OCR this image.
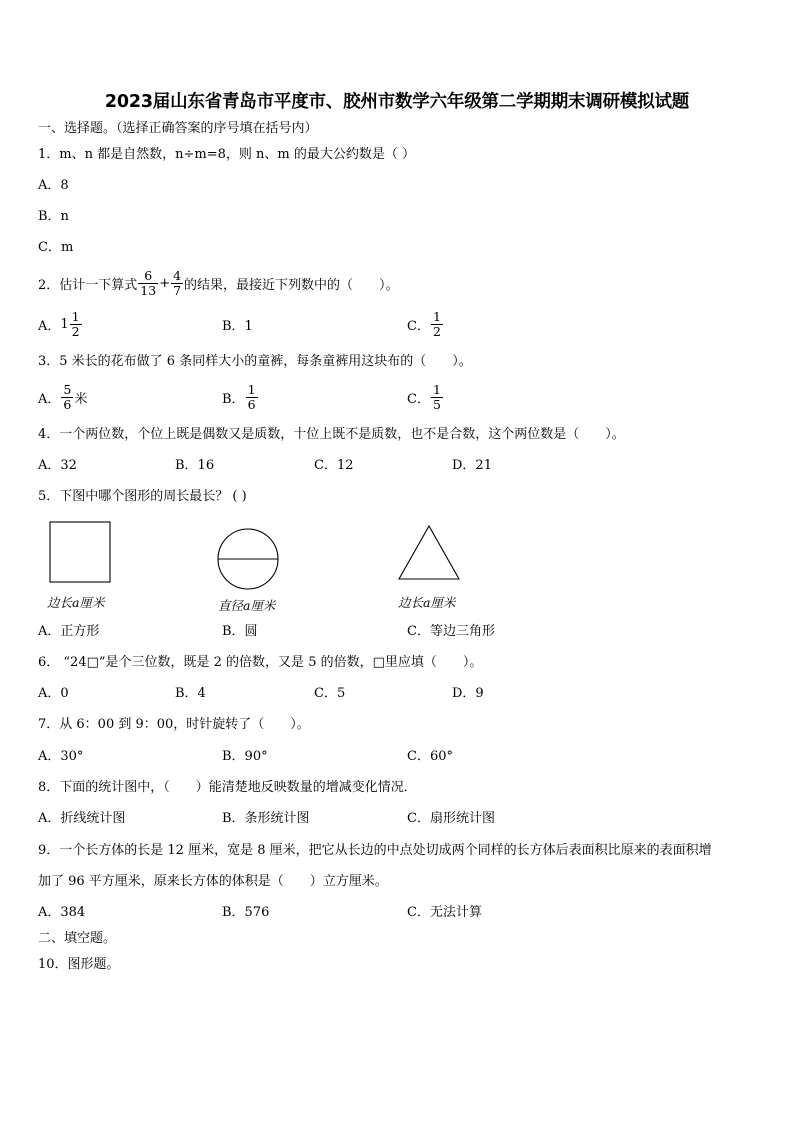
2023届山东省青岛市平度市、胶州市数学六年级第二学期期末调研模拟试题
一、选择题。（选择正确答案的序号填在括号内）
1．m、n 都是自然数，n÷m=8，则 n、m 的最大公约数是（ ）
A．8
B．n
C．m
2．估计一下算式 $\frac{6}{13} + \frac{4}{7}$ 的结果，最接近下列数中的（　　）。
A． $1 \frac{1}{2}$	B．1	C． $\frac{1}{2}$
3．5 米长的花布做了 6 条同样大小的童裤，每条童裤用这块布的（　　）。
A． $\frac{5}{6}$ 米	B． $\frac{1}{6}$	C． $\frac{1}{5}$
4．一个两位数，个位上既是偶数又是质数，十位上既不是质数，也不是合数，这个两位数是（　　）。
A．32	B．16	C．12	D．21
5．下图中哪个图形的周长最长？ ( )
边长a厘米	直径a厘米	边长a厘米
A．正方形	B．圆	C．等边三角形
6． “24□”是个三位数，既是 2 的倍数，又是 5 的倍数，□里应填（　　）。
A．0	B．4	C．5	D．9
7．从 6：00 到 9：00，时针旋转了（　　）。
A．30°	B．90°	C．60°
8．下面的统计图中，（　　）能清楚地反映数量的增减变化情况．
A．折线统计图	B．条形统计图	C．扇形统计图
9．一个长方体的长是 12 厘米，宽是 8 厘米，把它从长边的中点处切成两个同样的长方体后表面积比原来的表面积增
加了 96 平方厘米，原来长方体的体积是（　　）立方厘米。
A．384	B．576	C．无法计算
二、填空题。
10．图形题。
